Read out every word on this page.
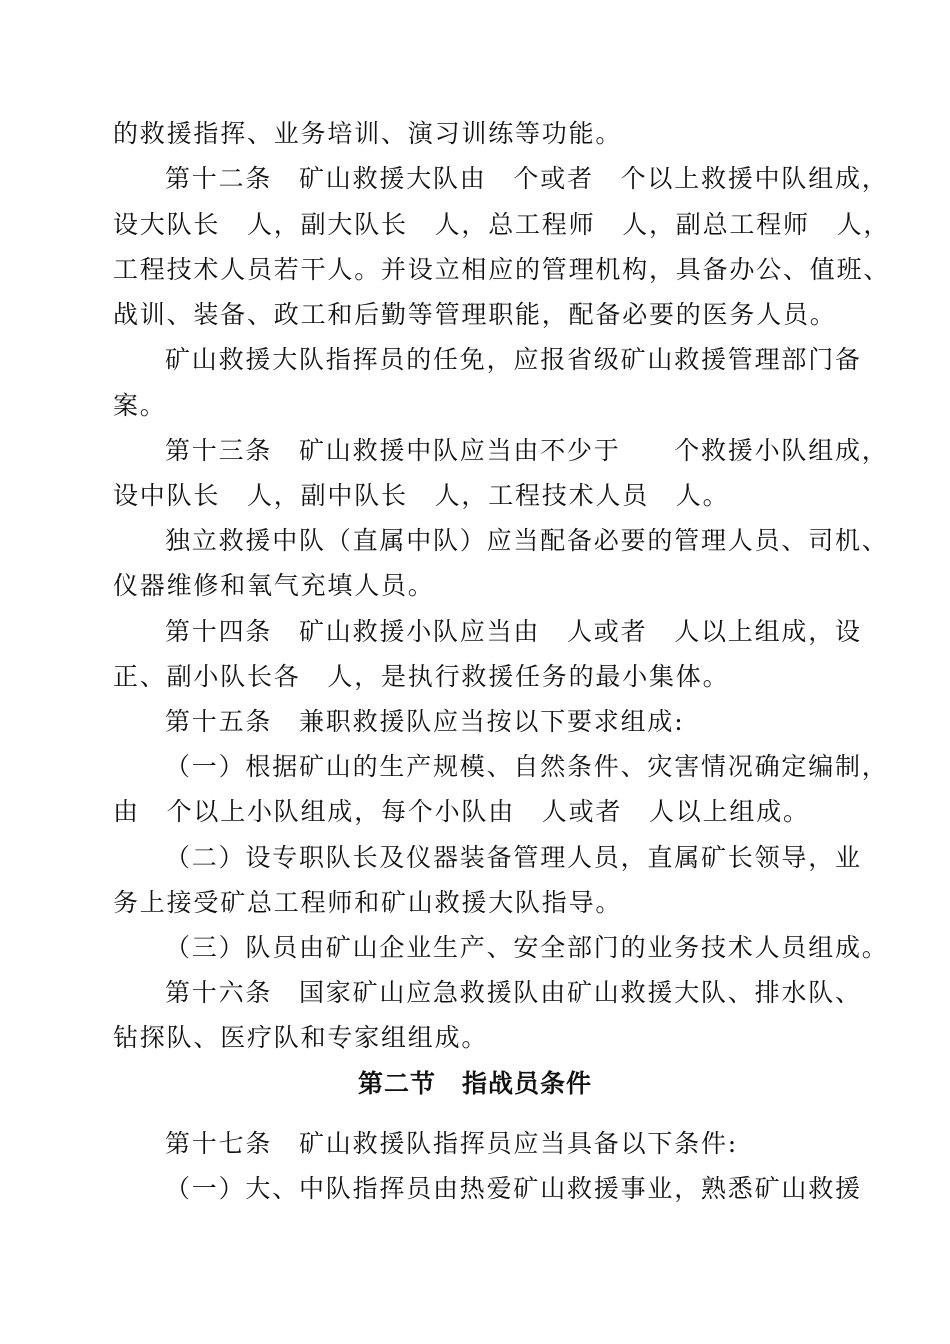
的救援指挥、业务培训、演习训练等功能。

第十二条　矿山救援大队由　个或者　个以上救援中队组成，

设大队长　人，副大队长　人，总工程师　人，副总工程师　人，

工程技术人员若干人。并设立相应的管理机构，具备办公、值班、

战训、装备、政工和后勤等管理职能，配备必要的医务人员。

矿山救援大队指挥员的任免，应报省级矿山救援管理部门备

案。

第十三条　矿山救援中队应当由不少于　　个救援小队组成，

设中队长　人，副中队长　人，工程技术人员　人。

独立救援中队（直属中队）应当配备必要的管理人员、司机、

仪器维修和氧气充填人员。

第十四条　矿山救援小队应当由　人或者　人以上组成，设

正、副小队长各　人，是执行救援任务的最小集体。

第十五条　兼职救援队应当按以下要求组成:

（一）根据矿山的生产规模、自然条件、灾害情况确定编制，

由　个以上小队组成，每个小队由　人或者　人以上组成。

（二）设专职队长及仪器装备管理人员，直属矿长领导，业

务上接受矿总工程师和矿山救援大队指导。

（三）队员由矿山企业生产、安全部门的业务技术人员组成。

第十六条　国家矿山应急救援队由矿山救援大队、排水队、

钻探队、医疗队和专家组组成。

第二节　指战员条件

第十七条　矿山救援队指挥员应当具备以下条件:

（一）大、中队指挥员由热爱矿山救援事业，熟悉矿山救援
